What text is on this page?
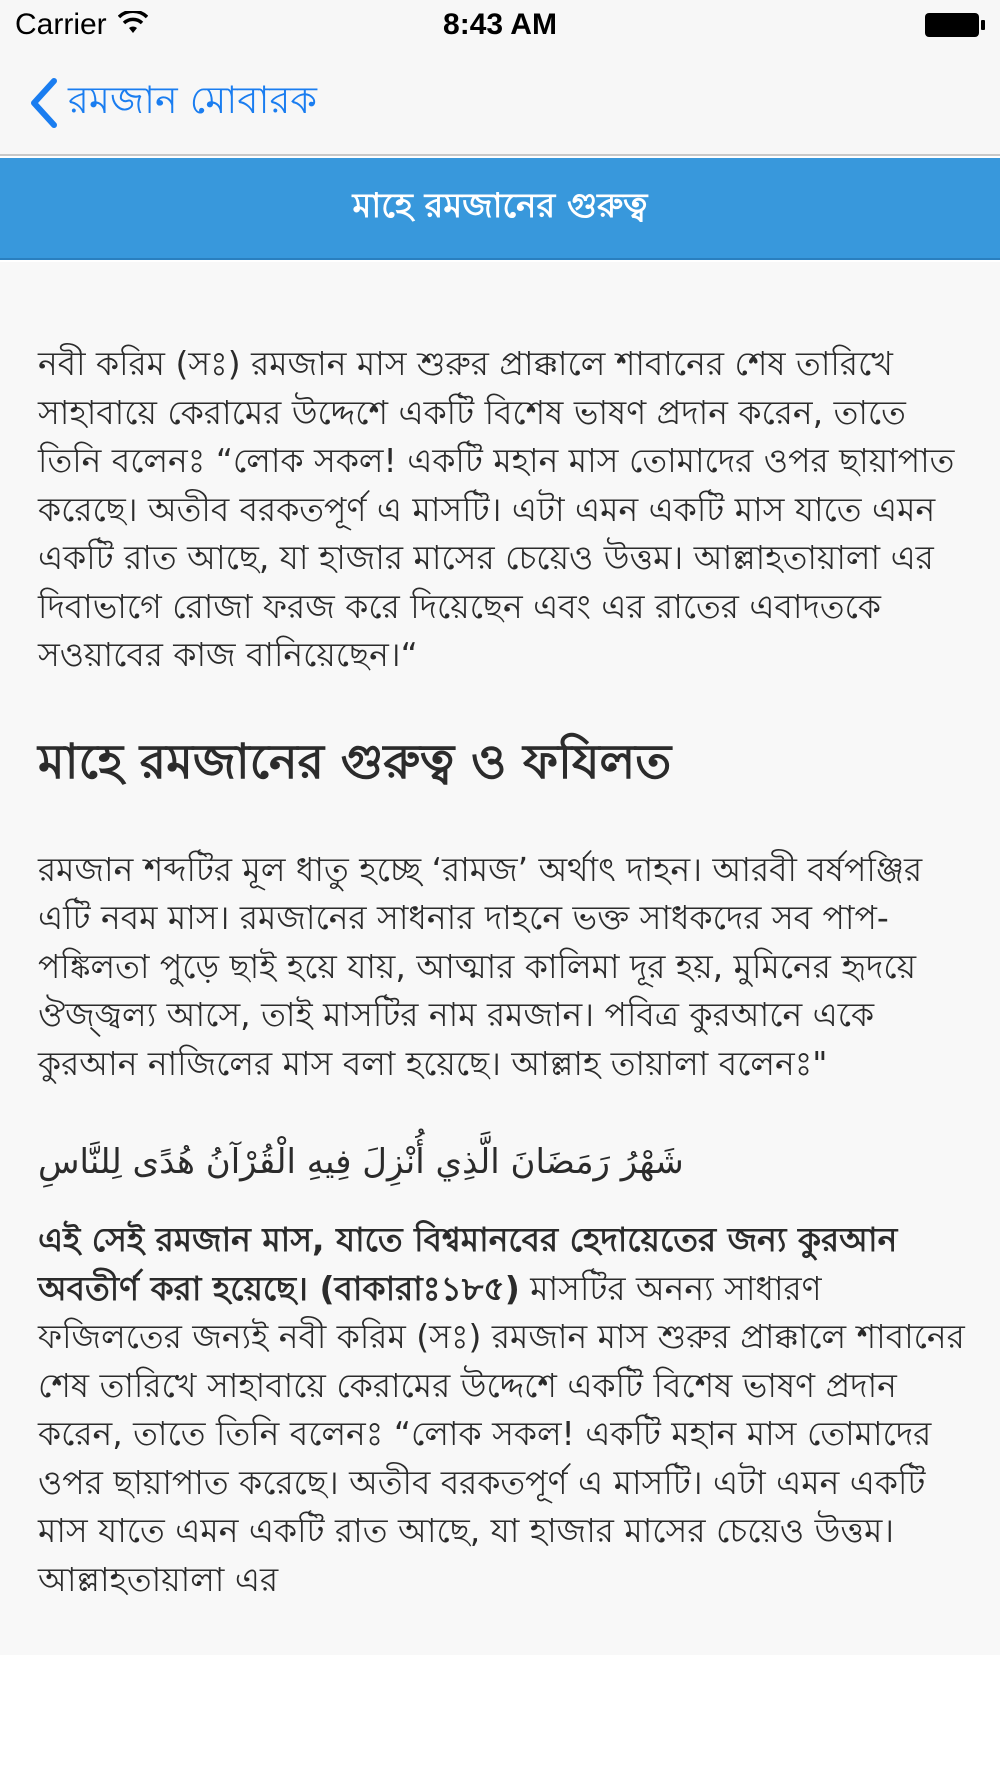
Carrier	8:43 AM
রমজান মোবারক
মাহে রমজানের গুরুত্ব

নবী করিম (সঃ) রমজান মাস শুরুর প্রাক্কালে শাবানের শেষ তারিখে সাহাবায়ে কেরামের উদ্দেশে একটি বিশেষ ভাষণ প্রদান করেন, তাতে তিনি বলেনঃ “লোক সকল! একটি মহান মাস তোমাদের ওপর ছায়াপাত করেছে। অতীব বরকতপূর্ণ এ মাসটি। এটা এমন একটি মাস যাতে এমন একটি রাত আছে, যা হাজার মাসের চেয়েও উত্তম। আল্লাহতায়ালা এর দিবাভাগে রোজা ফরজ করে দিয়েছেন এবং এর রাতের এবাদতকে সওয়াবের কাজ বানিয়েছেন।“

মাহে রমজানের গুরুত্ব ও ফযিলত

রমজান শব্দটির মূল ধাতু হচ্ছে ‘রামজ’ অর্থাৎ দাহন। আরবী বর্ষপঞ্জির এটি নবম মাস। রমজানের সাধনার দাহনে ভক্ত সাধকদের সব পাপ-পঙ্কিলতা পুড়ে ছাই হয়ে যায়, আত্মার কালিমা দূর হয়, মুমিনের হৃদয়ে ঔজ্জ্বল্য আসে, তাই মাসটির নাম রমজান। পবিত্র কুরআনে একে কুরআন নাজিলের মাস বলা হয়েছে। আল্লাহ তায়ালা বলেনঃ"

شَهْرُ رَمَضَانَ الَّذِي أُنْزِلَ فِيهِ الْقُرْآنُ هُدًى لِلنَّاسِ

এই সেই রমজান মাস, যাতে বিশ্বমানবের হেদায়েতের জন্য কুরআন অবতীর্ণ করা হয়েছে। (বাকারাঃ১৮৫) মাসটির অনন্য সাধারণ ফজিলতের জন্যই নবী করিম (সঃ) রমজান মাস শুরুর প্রাক্কালে শাবানের শেষ তারিখে সাহাবায়ে কেরামের উদ্দেশে একটি বিশেষ ভাষণ প্রদান করেন, তাতে তিনি বলেনঃ “লোক সকল! একটি মহান মাস তোমাদের ওপর ছায়াপাত করেছে। অতীব বরকতপূর্ণ এ মাসটি। এটা এমন একটি মাস যাতে এমন একটি রাত আছে, যা হাজার মাসের চেয়েও উত্তম। আল্লাহতায়ালা এর
